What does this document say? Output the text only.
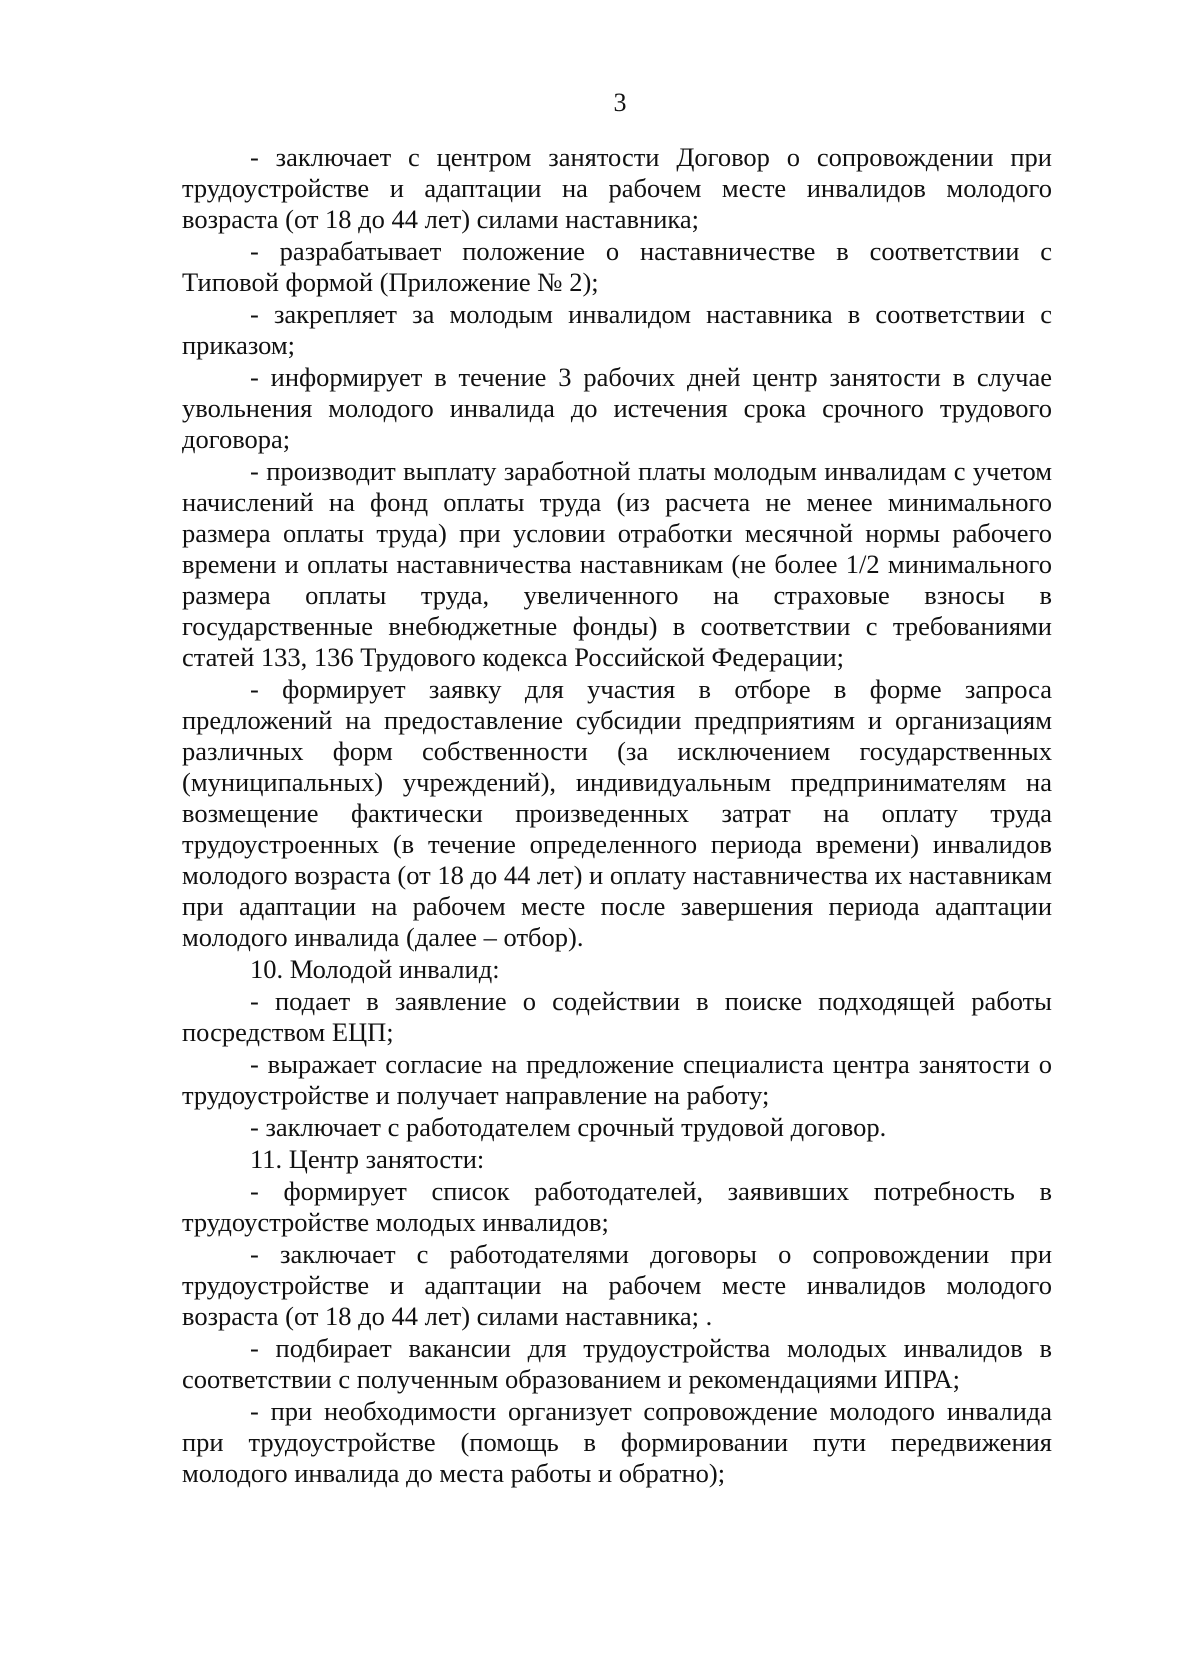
3

- заключает с центром занятости Договор о сопровождении при трудоустройстве и адаптации на рабочем месте инвалидов молодого возраста (от 18 до 44 лет) силами наставника;

- разрабатывает положение о наставничестве в соответствии с Типовой формой (Приложение № 2);

- закрепляет за молодым инвалидом наставника в соответствии с приказом;

- информирует в течение 3 рабочих дней центр занятости в случае увольнения молодого инвалида до истечения срока срочного трудового договора;

- производит выплату заработной платы молодым инвалидам с учетом начислений на фонд оплаты труда (из расчета не менее минимального размера оплаты труда) при условии отработки месячной нормы рабочего времени и оплаты наставничества наставникам (не более 1/2 минимального размера оплаты труда, увеличенного на страховые взносы в государственные внебюджетные фонды) в соответствии с требованиями статей 133, 136 Трудового кодекса Российской Федерации;

- формирует заявку для участия в отборе в форме запроса предложений на предоставление субсидии предприятиям и организациям различных форм собственности (за исключением государственных (муниципальных) учреждений), индивидуальным предпринимателям на возмещение фактически произведенных затрат на оплату труда трудоустроенных (в течение определенного периода времени) инвалидов молодого возраста (от 18 до 44 лет) и оплату наставничества их наставникам при адаптации на рабочем месте после завершения периода адаптации молодого инвалида (далее – отбор).

10. Молодой инвалид:

- подает в заявление о содействии в поиске подходящей работы посредством ЕЦП;

- выражает согласие на предложение специалиста центра занятости о трудоустройстве и получает направление на работу;

- заключает с работодателем срочный трудовой договор.

11. Центр занятости:

- формирует список работодателей, заявивших потребность в трудоустройстве молодых инвалидов;

- заключает с работодателями договоры о сопровождении при трудоустройстве и адаптации на рабочем месте инвалидов молодого возраста (от 18 до 44 лет) силами наставника; .

- подбирает вакансии для трудоустройства молодых инвалидов в соответствии с полученным образованием и рекомендациями ИПРА;

- при необходимости организует сопровождение молодого инвалида при трудоустройстве (помощь в формировании пути передвижения молодого инвалида до места работы и обратно);
